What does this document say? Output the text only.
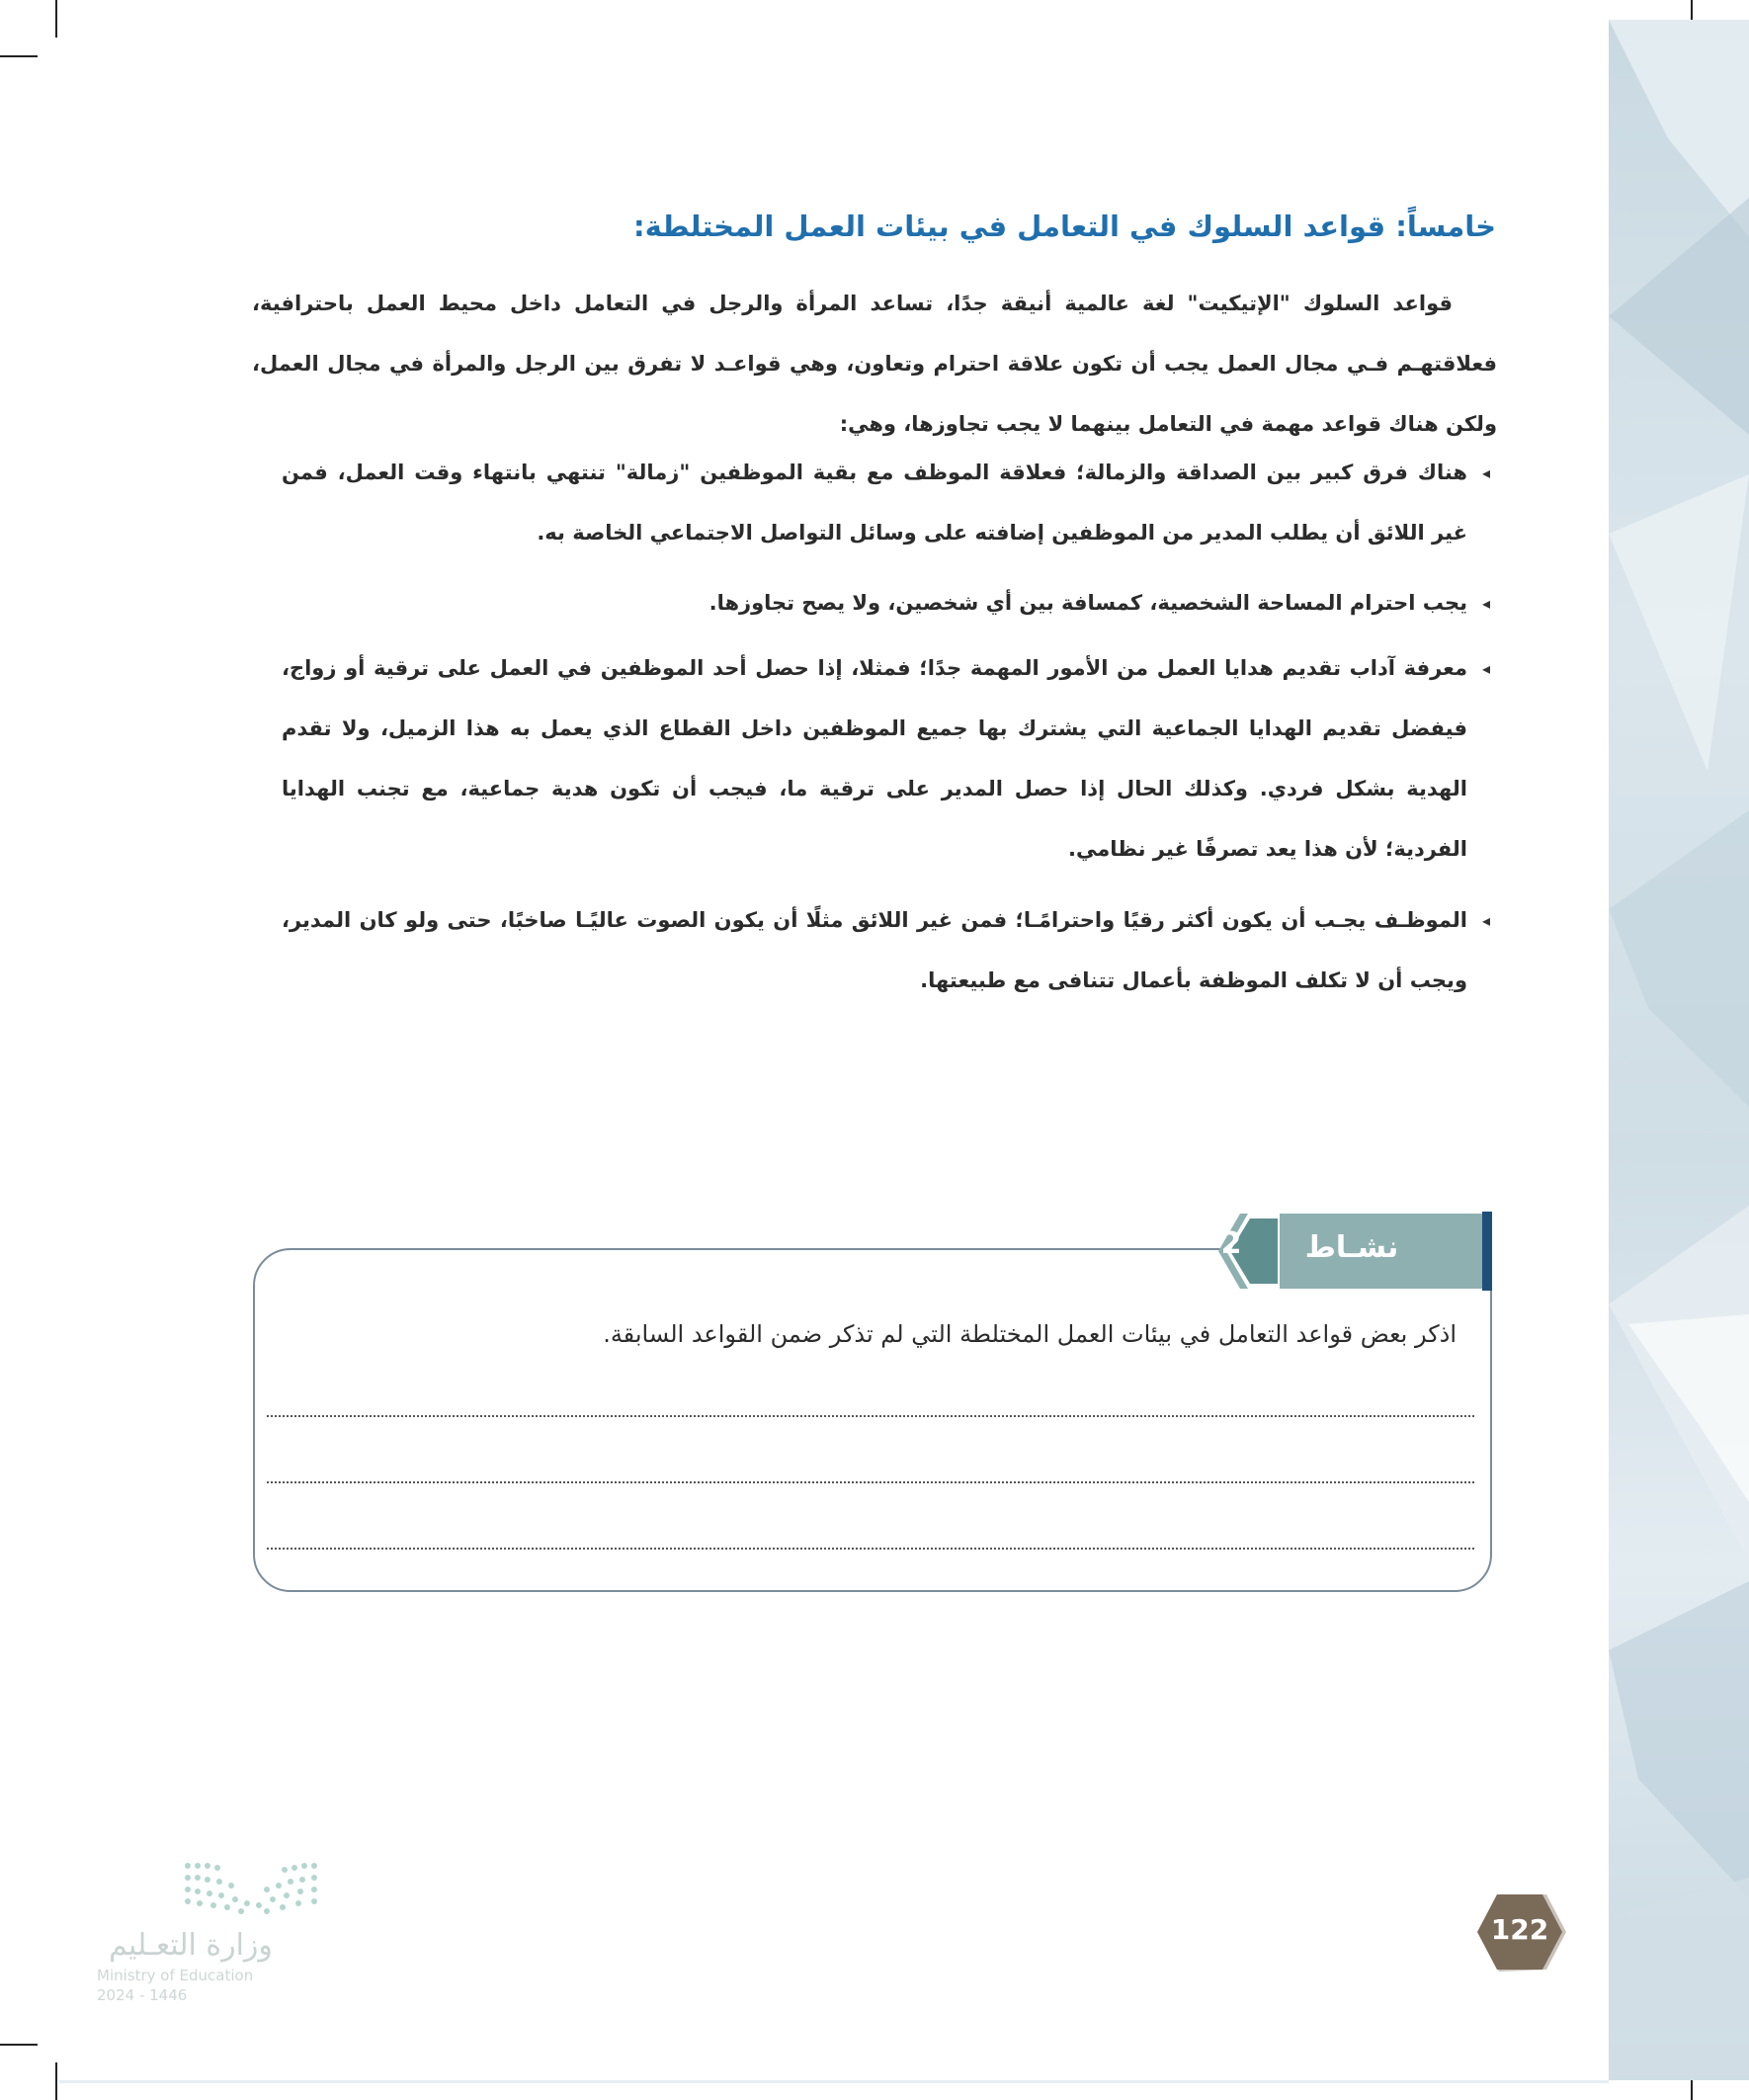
خامساً: قواعد السلوك في التعامل في بيئات العمل المختلطة:
قواعد السلوك "الإتيكيت" لغة عالمية أنيقة جدًا، تساعد المرأة والرجل في التعامل داخل محيط العمل باحترافية، فعلاقتهـم فـي مجال العمل يجب أن تكون علاقة احترام وتعاون، وهي قواعـد لا تفرق بين الرجل والمرأة في مجال العمل، ولكن هناك قواعد مهمة في التعامل بينهما لا يجب تجاوزها، وهي:
◂
هناك فرق كبير بين الصداقة والزمالة؛ فعلاقة الموظف مع بقية الموظفين "زمالة" تنتهي بانتهاء وقت العمل، فمن غير اللائق أن يطلب المدير من الموظفين إضافته على وسائل التواصل الاجتماعي الخاصة به.
◂
يجب احترام المساحة الشخصية، كمسافة بين أي شخصين، ولا يصح تجاوزها.
◂
معرفة آداب تقديم هدايا العمل من الأمور المهمة جدًا؛ فمثلا، إذا حصل أحد الموظفين في العمل على ترقية أو زواج، فيفضل تقديم الهدايا الجماعية التي يشترك بها جميع الموظفين داخل القطاع الذي يعمل به هذا الزميل، ولا تقدم الهدية بشكل فردي. وكذلك الحال إذا حصل المدير على ترقية ما، فيجب أن تكون هدية جماعية، مع تجنب الهدايا الفردية؛ لأن هذا يعد تصرفًا غير نظامي.
◂
الموظـف يجـب أن يكون أكثر رقيًا واحترامًـا؛ فمن غير اللائق مثلًا أن يكون الصوت عاليًـا صاخبًا، حتى ولو كان المدير، ويجب أن لا تكلف الموظفة بأعمال تتنافى مع طبيعتها.
2	نشـاط
اذكر بعض قواعد التعامل في بيئات العمل المختلطة التي لم تذكر ضمن القواعد السابقة.
122
وزارة التعـليم
Ministry of Education
2024 - 1446
